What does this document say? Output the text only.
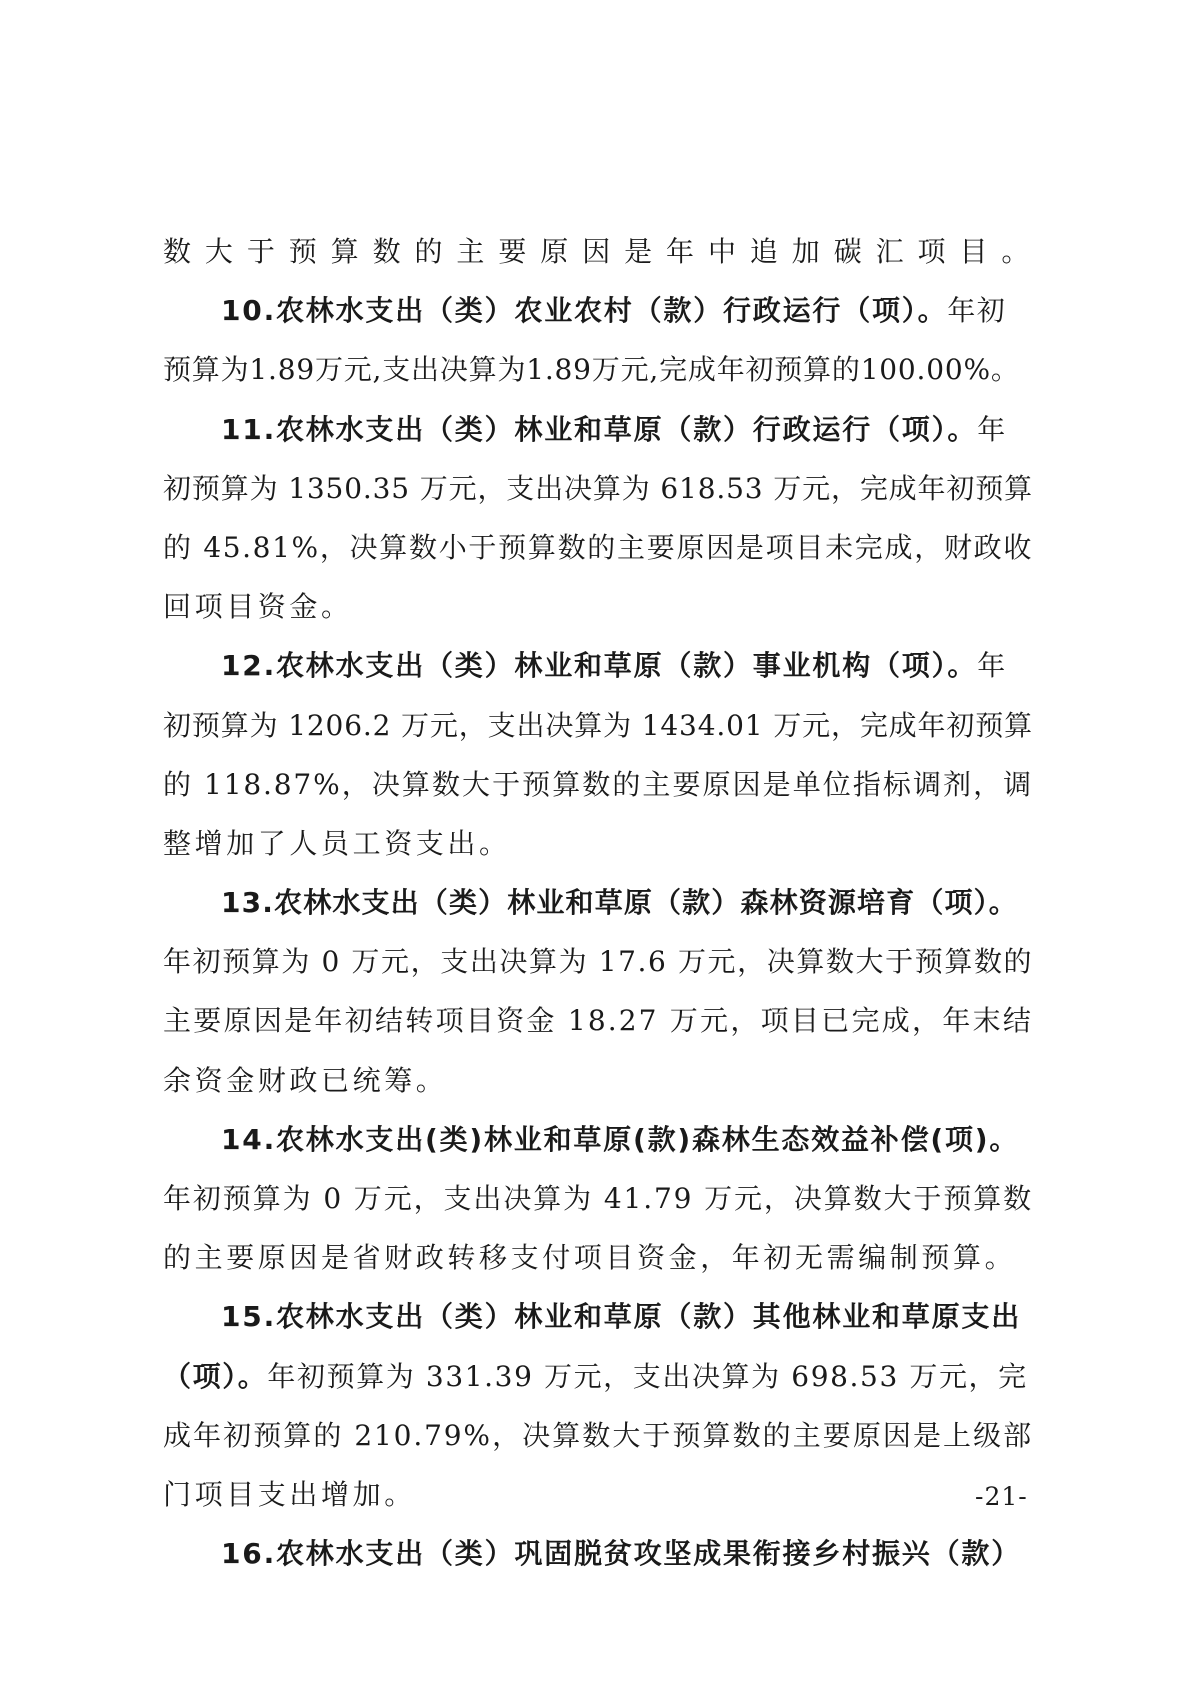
数大于预算数的主要原因是年中追加碳汇项目。
10.农林水支出（类）农业农村（款）行政运行（项）。年初
预算为1.89万元,支出决算为1.89万元,完成年初预算的100.00%。
11.农林水支出（类）林业和草原（款）行政运行（项）。年
初预算为 1350.35 万元，支出决算为 618.53 万元，完成年初预算
的 45.81%，决算数小于预算数的主要原因是项目未完成，财政收
回项目资金。
12.农林水支出（类）林业和草原（款）事业机构（项）。年
初预算为 1206.2 万元，支出决算为 1434.01 万元，完成年初预算
的 118.87%，决算数大于预算数的主要原因是单位指标调剂，调
整增加了人员工资支出。
13.农林水支出（类）林业和草原（款）森林资源培育（项）。
年初预算为 0 万元，支出决算为 17.6 万元，决算数大于预算数的
主要原因是年初结转项目资金 18.27 万元，项目已完成，年末结
余资金财政已统筹。
14.农林水支出(类)林业和草原(款)森林生态效益补偿(项)。
年初预算为 0 万元，支出决算为 41.79 万元，决算数大于预算数
的主要原因是省财政转移支付项目资金，年初无需编制预算。
15.农林水支出（类）林业和草原（款）其他林业和草原支出
（项）。年初预算为 331.39 万元，支出决算为 698.53 万元，完
成年初预算的 210.79%，决算数大于预算数的主要原因是上级部
门项目支出增加。
16.农林水支出（类）巩固脱贫攻坚成果衔接乡村振兴（款）
-21-
